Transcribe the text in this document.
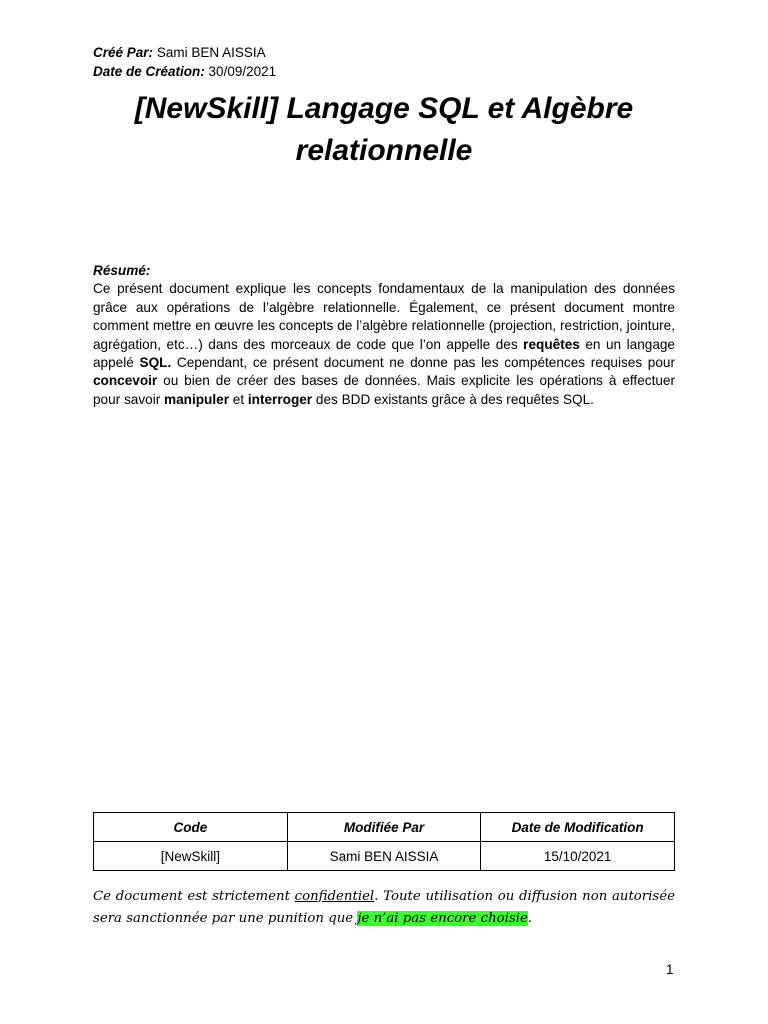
Créé Par: Sami BEN AISSIA
Date de Création: 30/09/2021
[NewSkill] Langage SQL et Algèbre
relationnelle
Résumé:

Ce présent document explique les concepts fondamentaux de la manipulation des données grâce aux opérations de l’algèbre relationnelle. Également, ce présent document montre comment mettre en œuvre les concepts de l’algèbre relationnelle (projection, restriction, jointure, agrégation, etc…) dans des morceaux de code que l’on appelle des requêtes en un langage appelé SQL. Cependant, ce présent document ne donne pas les compétences requises pour concevoir ou bien de créer des bases de données. Mais explicite les opérations à effectuer pour savoir manipuler et interroger des BDD existants grâce à des requêtes SQL.

Code	Modifiée Par	Date de Modification
[NewSkill]	Sami BEN AISSIA	15/10/2021

Ce document est strictement confidentiel. Toute utilisation ou diffusion non autorisée sera sanctionnée par une punition que je n’ai pas encore choisie.

1
